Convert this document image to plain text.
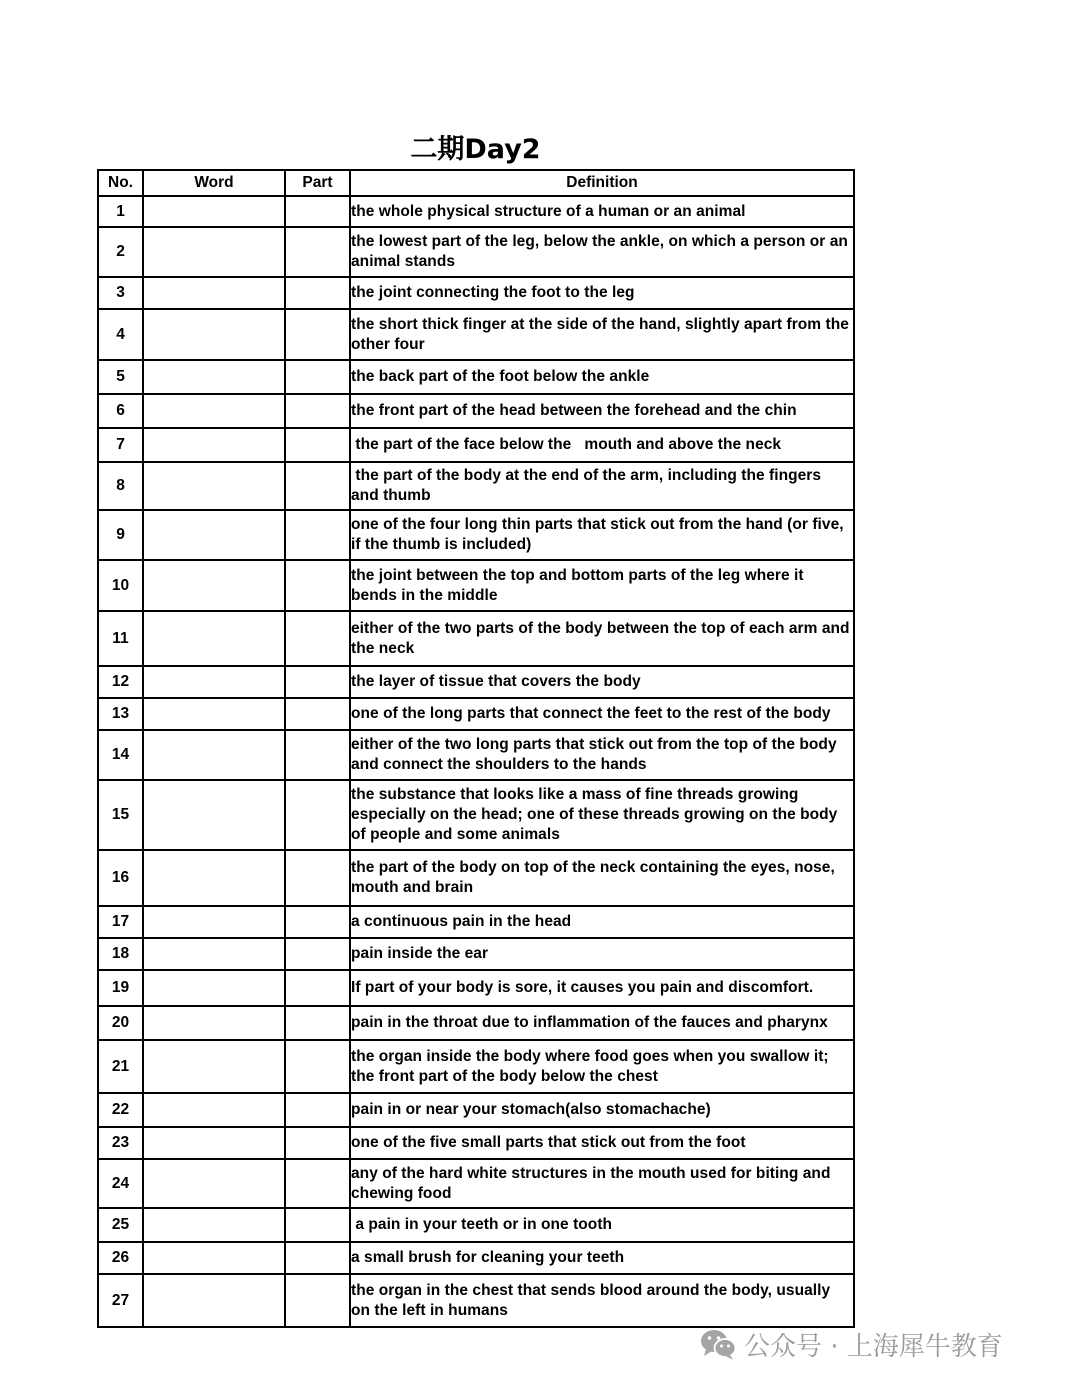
二期Day2
No.	Word	Part	Definition
1			the whole physical structure of a human or an animal
2			the lowest part of the leg, below the ankle, on which a person or an animal stands
3			the joint connecting the foot to the leg
4			the short thick finger at the side of the hand, slightly apart from the other four
5			the back part of the foot below the ankle
6			the front part of the head between the forehead and the chin
7			the part of the face below the   mouth and above the neck
8			the part of the body at the end of the arm, including the fingers and thumb
9			one of the four long thin parts that stick out from the hand (or five, if the thumb is included)
10			the joint between the top and bottom parts of the leg where it bends in the middle
11			either of the two parts of the body between the top of each arm and the neck
12			the layer of tissue that covers the body
13			one of the long parts that connect the feet to the rest of the body
14			either of the two long parts that stick out from the top of the body and connect the shoulders to the hands
15			the substance that looks like a mass of fine threads growing especially on the head; one of these threads growing on the body of people and some animals
16			the part of the body on top of the neck containing the eyes, nose, mouth and brain
17			a continuous pain in the head
18			pain inside the ear
19			If part of your body is sore, it causes you pain and discomfort.
20			pain in the throat due to inflammation of the fauces and pharynx
21			the organ inside the body where food goes when you swallow it; the front part of the body below the chest
22			pain in or near your stomach(also stomachache)
23			one of the five small parts that stick out from the foot
24			any of the hard white structures in the mouth used for biting and chewing food
25			a pain in your teeth or in one tooth
26			a small brush for cleaning your teeth
27			the organ in the chest that sends blood around the body, usually on the left in humans
公众号 · 上海犀牛教育
